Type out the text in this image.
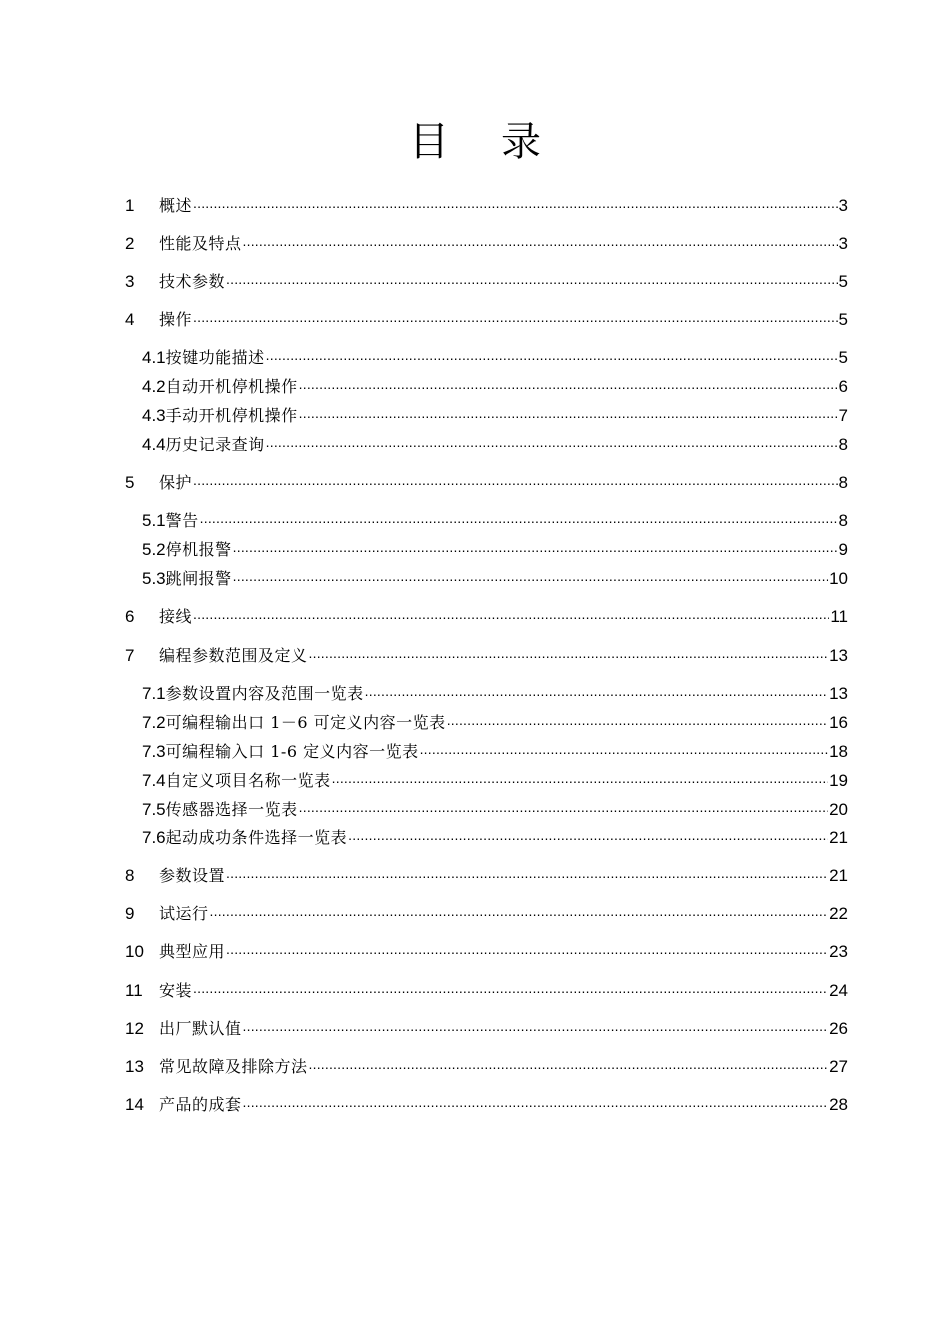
目 录
1	概述 .....	3
2	性能及特点 .....	3
3	技术参数 .....	5
4	操作 .....	5
4.1 按键功能描述 .....	5
4.2 自动开机停机操作 .....	6
4.3 手动开机停机操作 .....	7
4.4 历史记录查询 .....	8
5	保护 .....	8
5.1 警告 .....	8
5.2 停机报警 .....	9
5.3 跳闸报警 .....	10
6	接线 .....	11
7	编程参数范围及定义 .....	13
7.1 参数设置内容及范围一览表 .....	13
7.2 可编程输出口 1－6 可定义内容一览表 .....	16
7.3 可编程输入口 1-6 定义内容一览表 .....	18
7.4 自定义项目名称一览表 .....	19
7.5 传感器选择一览表 .....	20
7.6 起动成功条件选择一览表 .....	21
8	参数设置 .....	21
9	试运行 .....	22
10 典型应用 .....	23
11	安装 .....	24
12 出厂默认值 .....	26
13 常见故障及排除方法 .....	27
14 产品的成套 .....	28
